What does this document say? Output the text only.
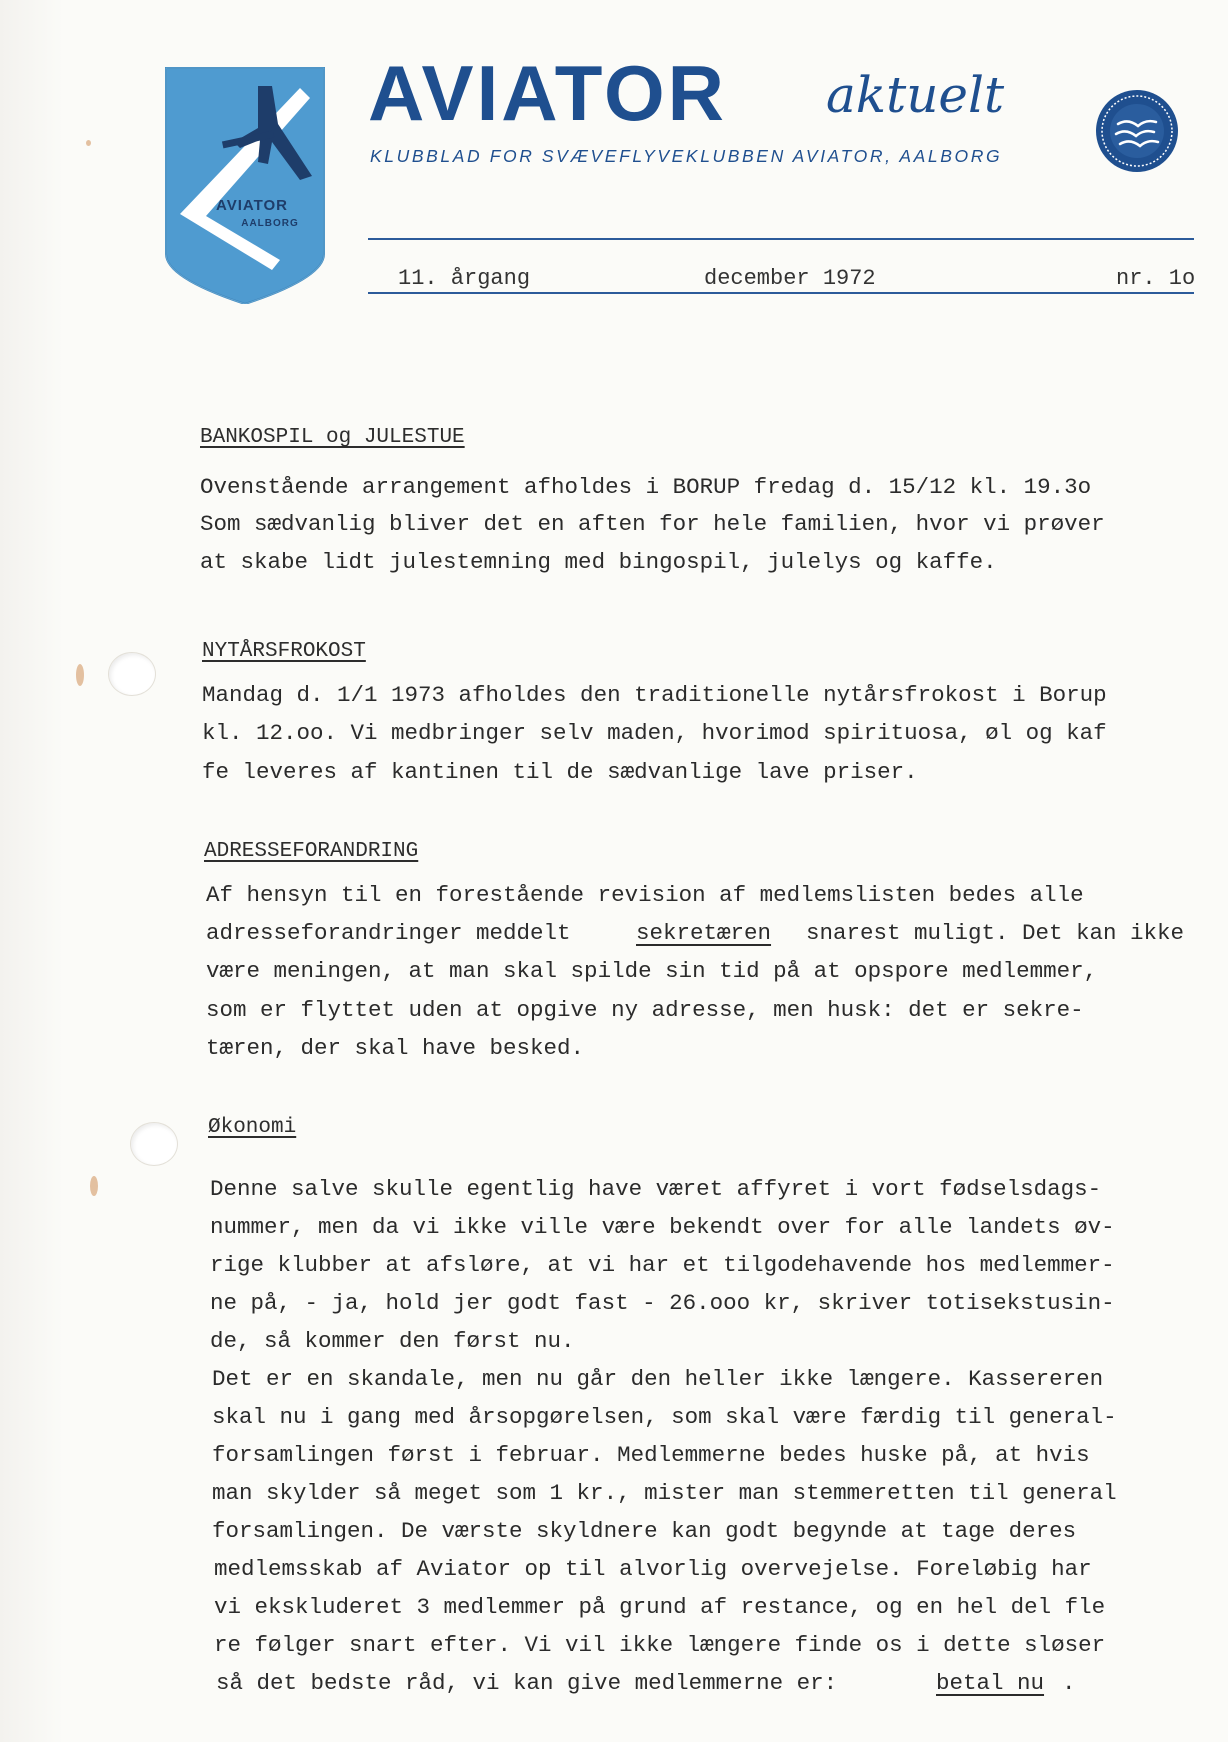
AVIATOR
AALBORG
AVIATOR aktuelt
KLUBBLAD FOR SVÆVEFLYVEKLUBBEN AVIATOR, AALBORG
11. årgang	december 1972	nr. 1o
BANKOSPIL og JULESTUE
Ovenstående arrangement afholdes i BORUP fredag d. 15/12 kl. 19.3o
Som sædvanlig bliver det en aften for hele familien, hvor vi prøver
at skabe lidt julestemning med bingospil, julelys og kaffe.
NYTÅRSFROKOST
Mandag d. 1/1 1973 afholdes den traditionelle nytårsfrokost i Borup
kl. 12.oo. Vi medbringer selv maden, hvorimod spirituosa, øl og kaf
fe leveres af kantinen til de sædvanlige lave priser.
ADRESSEFORANDRING
Af hensyn til en forestående revision af medlemslisten bedes alle
adresseforandringer meddelt	sekretæren snarest muligt. Det kan ikke
være meningen, at man skal spilde sin tid på at opspore medlemmer,
som er flyttet uden at opgive ny adresse, men husk: det er sekre-
tæren, der skal have besked.
Økonomi
Denne salve skulle egentlig have været affyret i vort fødselsdags-
nummer, men da vi ikke ville være bekendt over for alle landets øv-
rige klubber at afsløre, at vi har et tilgodehavende hos medlemmer-
ne på, - ja, hold jer godt fast - 26.ooo kr, skriver totisekstusin-
de, så kommer den først nu.
Det er en skandale, men nu går den heller ikke længere. Kassereren
skal nu i gang med årsopgørelsen, som skal være færdig til general-
forsamlingen først i februar. Medlemmerne bedes huske på, at hvis
man skylder så meget som 1 kr., mister man stemmeretten til general
forsamlingen. De værste skyldnere kan godt begynde at tage deres
medlemsskab af Aviator op til alvorlig overvejelse. Foreløbig har
vi ekskluderet 3 medlemmer på grund af restance, og en hel del fle
re følger snart efter. Vi vil ikke længere finde os i dette sløser
så det bedste råd, vi kan give medlemmerne er:	betal nu .
